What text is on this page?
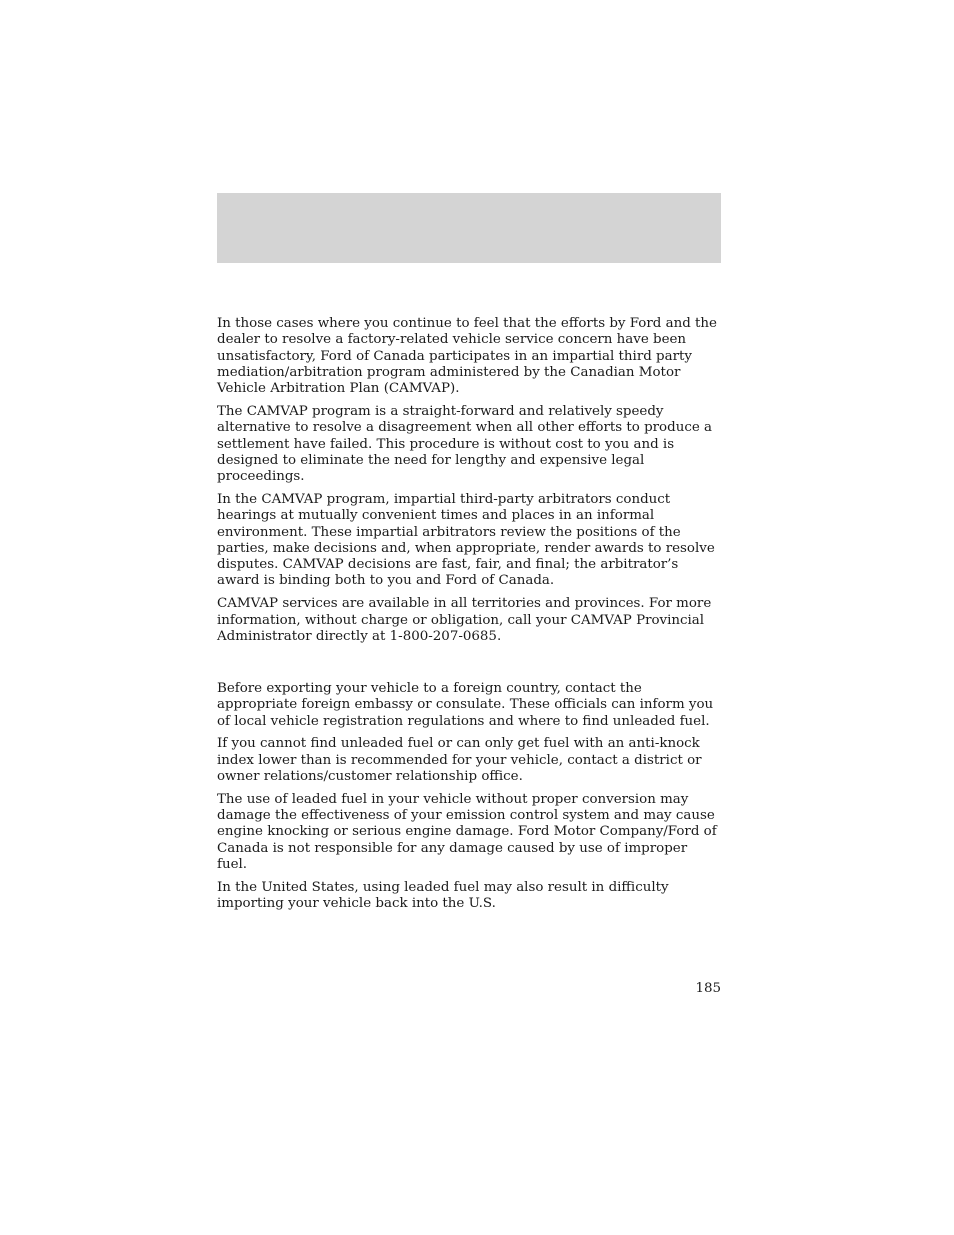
In those cases where you continue to feel that the efforts by Ford and the dealer to resolve a factory-related vehicle service concern have been unsatisfactory, Ford of Canada participates in an impartial third party mediation/arbitration program administered by the Canadian Motor Vehicle Arbitration Plan (CAMVAP).

The CAMVAP program is a straight-forward and relatively speedy alternative to resolve a disagreement when all other efforts to produce a settlement have failed. This procedure is without cost to you and is designed to eliminate the need for lengthy and expensive legal proceedings.

In the CAMVAP program, impartial third-party arbitrators conduct hearings at mutually convenient times and places in an informal environment. These impartial arbitrators review the positions of the parties, make decisions and, when appropriate, render awards to resolve disputes. CAMVAP decisions are fast, fair, and final; the arbitrator’s award is binding both to you and Ford of Canada.

CAMVAP services are available in all territories and provinces. For more information, without charge or obligation, call your CAMVAP Provincial Administrator directly at 1-800-207-0685.

Before exporting your vehicle to a foreign country, contact the appropriate foreign embassy or consulate. These officials can inform you of local vehicle registration regulations and where to find unleaded fuel.

If you cannot find unleaded fuel or can only get fuel with an anti-knock index lower than is recommended for your vehicle, contact a district or owner relations/customer relationship office.

The use of leaded fuel in your vehicle without proper conversion may damage the effectiveness of your emission control system and may cause engine knocking or serious engine damage. Ford Motor Company/Ford of Canada is not responsible for any damage caused by use of improper fuel.

In the United States, using leaded fuel may also result in difficulty importing your vehicle back into the U.S.

185
